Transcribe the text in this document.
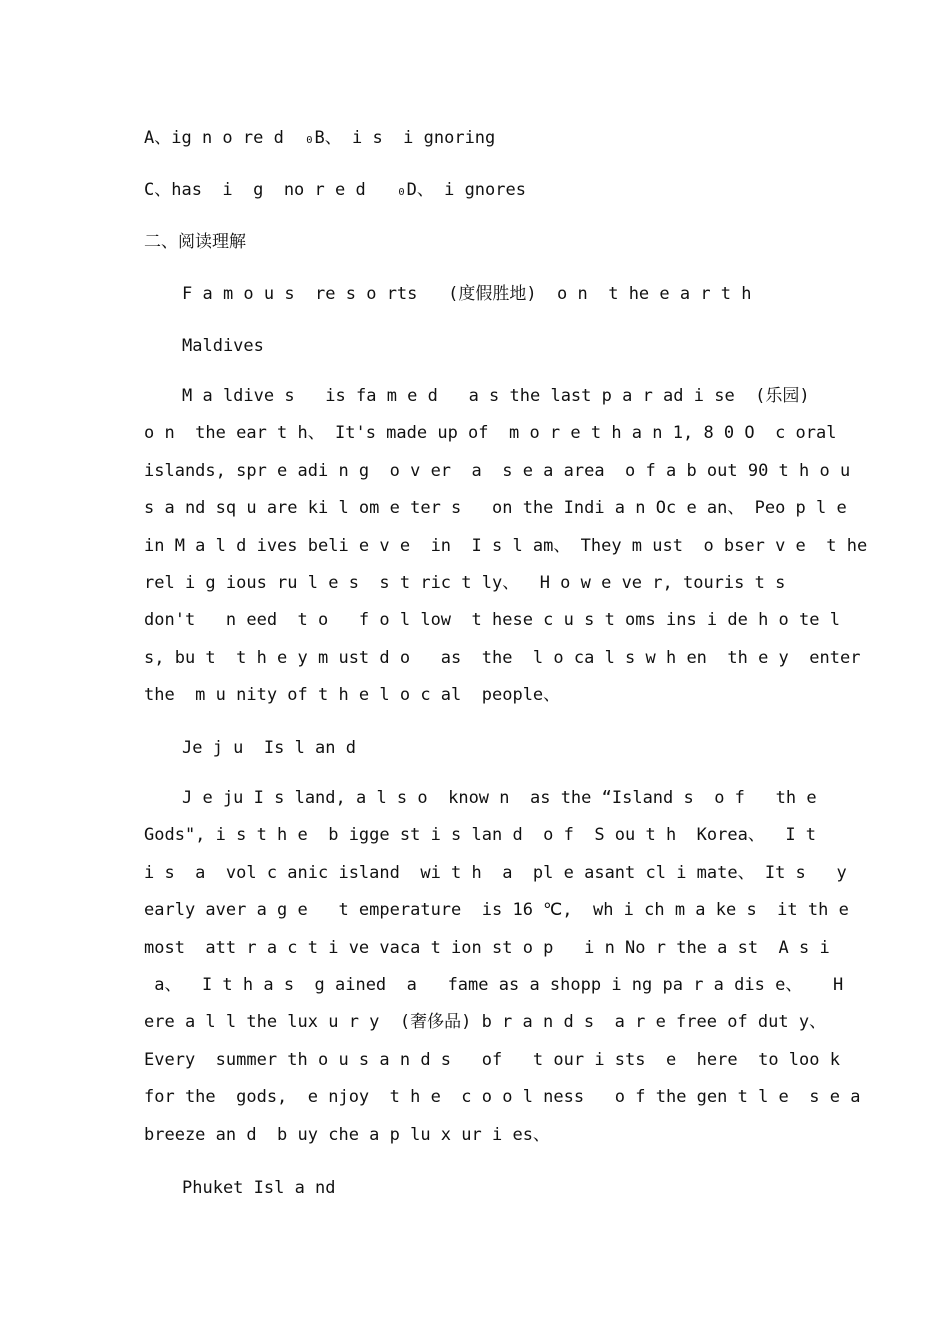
A、ig n o re d  ₀B、 i s  i gnoring
C、has  i  g  no r e d   ₀D、 i gnores
二、阅读理解
F a m o u s  re s o rts   (度假胜地)  o n  t he e a r t h
Maldives
M a ldive s   is fa m e d   a s the last p a r ad i se  (乐园)
o n  the ear t h、 It's made up of  m o r e t h a n 1, 8 0 O  c oral
islands, spr e adi n g  o v er  a  s e a area  o f a b out 90 t h o u
s a nd sq u are ki l om e ter s   on the Indi a n Oc e an、 Peo p l e
in M a l d ives beli e v e  in  I s l am、 They m ust  o bser v e  t he
rel i g ious ru l e s  s t ric t ly、  H o w e ve r, touris t s
don't   n eed  t o   f o l low  t hese c u s t oms ins i de h o te l
s, bu t  t h e y m ust d o   as  the  l o ca l s w h en  th e y  enter
the  m u nity of t h e l o c al  people、
Je j u  Is l an d
J e ju I s land, a l s o  know n  as the “Island s  o f   th e
Gods", i s t h e  b igge st i s lan d  o f  S ou t h  Korea、  I t
i s  a  vol c anic island  wi t h  a  pl e asant cl i mate、 It s   y
early aver a g e   t emperature  is 16 ℃,  wh i ch m a ke s  it th e
most  att r a c t i ve vaca t ion st o p   i n No r the a st  A s i
a、  I t h a s  g ained  a   fame as a shopp i ng pa r a dis e、   H
ere a l l the lux u r y  (奢侈品) b r a n d s  a r e free of dut y、
Every  summer th o u s a n d s   of   t our i sts  e  here  to loo k
for the  gods,  e njoy  t h e  c o o l ness   o f the gen t l e  s e a
breeze an d  b uy che a p lu x ur i es、
Phuket Isl a nd
